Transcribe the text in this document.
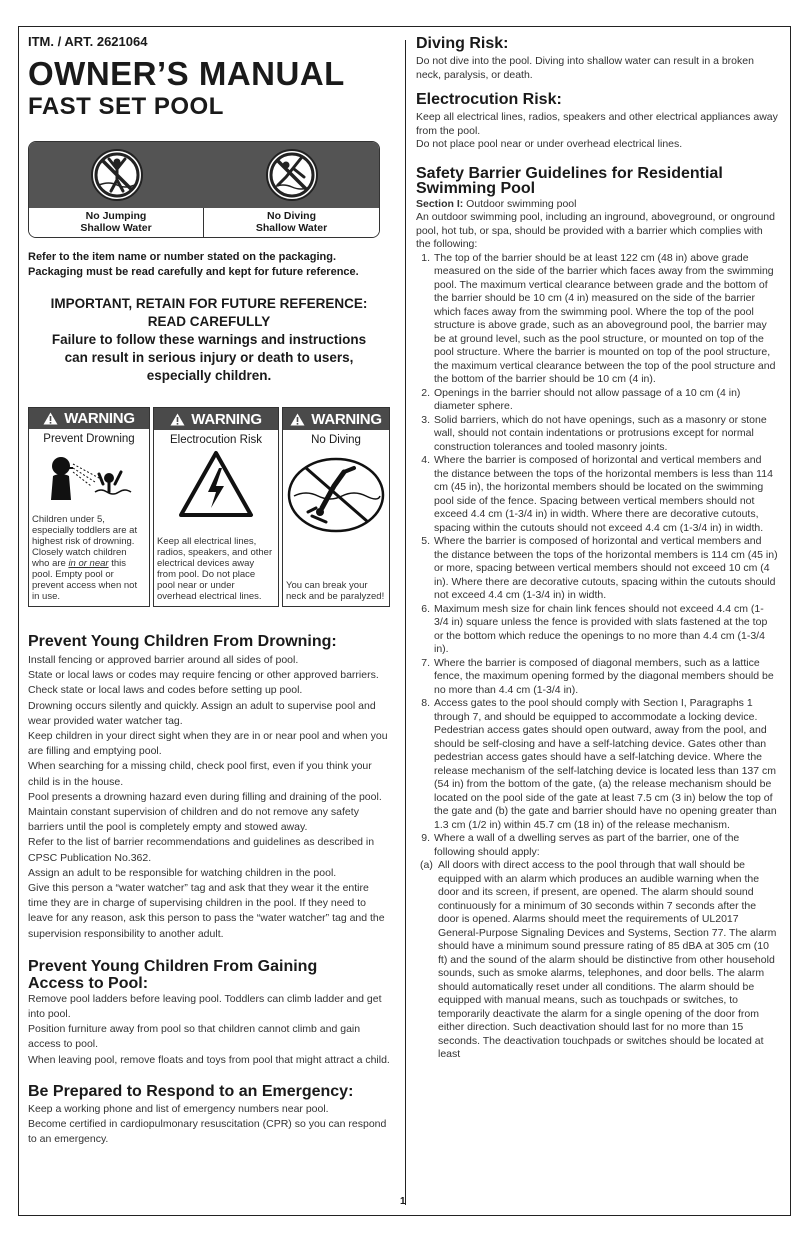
ITM. / ART. 2621064
OWNER’S MANUAL
FAST SET POOL
No Jumping
Shallow Water
No Diving
Shallow Water
Refer to the item name or number stated on the packaging.
Packaging must be read carefully and kept for future reference.
IMPORTANT, RETAIN FOR FUTURE REFERENCE:
READ CAREFULLY
Failure to follow these warnings and instructions
can result in serious injury or death to users,
especially children.
WARNING
Prevent Drowning
Children under 5, especially toddlers are at highest risk of drowning. Closely watch children who are in or near this pool. Empty pool or prevent access when not in use.
WARNING
Electrocution Risk
Keep all electrical lines, radios, speakers, and other electrical devices away from pool. Do not place pool near or under overhead electrical lines.
WARNING
No Diving
You can break your neck and be paralyzed!
Prevent Young Children From Drowning:
Install fencing or approved barrier around all sides of pool.
State or local laws or codes may require fencing or other approved barriers.
Check state or local laws and codes before setting up pool.
Drowning occurs silently and quickly. Assign an adult to supervise pool and wear provided water watcher tag.
Keep children in your direct sight when they are in or near pool and when you are filling and emptying pool.
When searching for a missing child, check pool first, even if you think your child is in the house.
Pool presents a drowning hazard even during filling and draining of the pool. Maintain constant supervision of children and do not remove any safety barriers until the pool is completely empty and stowed away.
Refer to the list of barrier recommendations and guidelines as described in CPSC Publication No.362.
Assign an adult to be responsible for watching children in the pool.
Give this person a “water watcher” tag and ask that they wear it the entire time they are in charge of supervising children in the pool. If they need to leave for any reason, ask this person to pass the “water watcher” tag and the supervision responsibility to another adult.
Prevent Young Children From Gaining
Access to Pool:
Remove pool ladders before leaving pool. Toddlers can climb ladder and get into pool.
Position furniture away from pool so that children cannot climb and gain access to pool.
When leaving pool, remove floats and toys from pool that might attract a child.
Be Prepared to Respond to an Emergency:
Keep a working phone and list of emergency numbers near pool.
Become certified in cardiopulmonary resuscitation (CPR) so you can respond to an emergency.
Diving Risk:
Do not dive into the pool. Diving into shallow water can result in a broken neck, paralysis, or death.
Electrocution Risk:
Keep all electrical lines, radios, speakers and other electrical appliances away from the pool.
Do not place pool near or under overhead electrical lines.
Safety Barrier Guidelines for Residential
Swimming Pool
Section I: Outdoor swimming pool
An outdoor swimming pool, including an inground, aboveground, or onground pool, hot tub, or spa, should be provided with a barrier which complies with the following:
1. The top of the barrier should be at least 122 cm (48 in) above grade measured on the side of the barrier which faces away from the swimming pool. The maximum vertical clearance between grade and the bottom of the barrier should be 10 cm (4 in) measured on the side of the barrier which faces away from the swimming pool. Where the top of the pool structure is above grade, such as an aboveground pool, the barrier may be at ground level, such as the pool structure, or mounted on top of the pool structure. Where the barrier is mounted on top of the pool structure, the maximum vertical clearance between the top of the pool structure and the bottom of the barrier should be 10 cm (4 in).
2. Openings in the barrier should not allow passage of a 10 cm (4 in) diameter sphere.
3. Solid barriers, which do not have openings, such as a masonry or stone wall, should not contain indentations or protrusions except for normal construction tolerances and tooled masonry joints.
4. Where the barrier is composed of horizontal and vertical members and the distance between the tops of the horizontal members is less than 114 cm (45 in), the horizontal members should be located on the swimming pool side of the fence. Spacing between vertical members should not exceed 4.4 cm (1-3/4 in) in width. Where there are decorative cutouts, spacing within the cutouts should not exceed 4.4 cm (1-3/4 in) in width.
5. Where the barrier is composed of horizontal and vertical members and the distance between the tops of the horizontal members is 114 cm (45 in) or more, spacing between vertical members should not exceed 10 cm (4 in). Where there are decorative cutouts, spacing within the cutouts should not exceed 4.4 cm (1-3/4 in) in width.
6. Maximum mesh size for chain link fences should not exceed 4.4 cm (1-3/4 in) square unless the fence is provided with slats fastened at the top or the bottom which reduce the openings to no more than 4.4 cm (1-3/4 in).
7. Where the barrier is composed of diagonal members, such as a lattice fence, the maximum opening formed by the diagonal members should be no more than 4.4 cm (1-3/4 in).
8. Access gates to the pool should comply with Section I, Paragraphs 1 through 7, and should be equipped to accommodate a locking device. Pedestrian access gates should open outward, away from the pool, and should be self-closing and have a self-latching device. Gates other than pedestrian access gates should have a self-latching device. Where the release mechanism of the self-latching device is located less than 137 cm (54 in) from the bottom of the gate, (a) the release mechanism should be located on the pool side of the gate at least 7.5 cm (3 in) below the top of the gate and (b) the gate and barrier should have no opening greater than 1.3 cm (1/2 in) within 45.7 cm (18 in) of the release mechanism.
9. Where a wall of a dwelling serves as part of the barrier, one of the following should apply:
(a) All doors with direct access to the pool through that wall should be equipped with an alarm which produces an audible warning when the door and its screen, if present, are opened. The alarm should sound continuously for a minimum of 30 seconds within 7 seconds after the door is opened. Alarms should meet the requirements of UL2017 General-Purpose Signaling Devices and Systems, Section 77. The alarm should have a minimum sound pressure rating of 85 dBA at 305 cm (10 ft) and the sound of the alarm should be distinctive from other household sounds, such as smoke alarms, telephones, and door bells. The alarm should automatically reset under all conditions. The alarm should be equipped with manual means, such as touchpads or switches, to temporarily deactivate the alarm for a single opening of the door from either direction. Such deactivation should last for no more than 15 seconds. The deactivation touchpads or switches should be located at least
1
